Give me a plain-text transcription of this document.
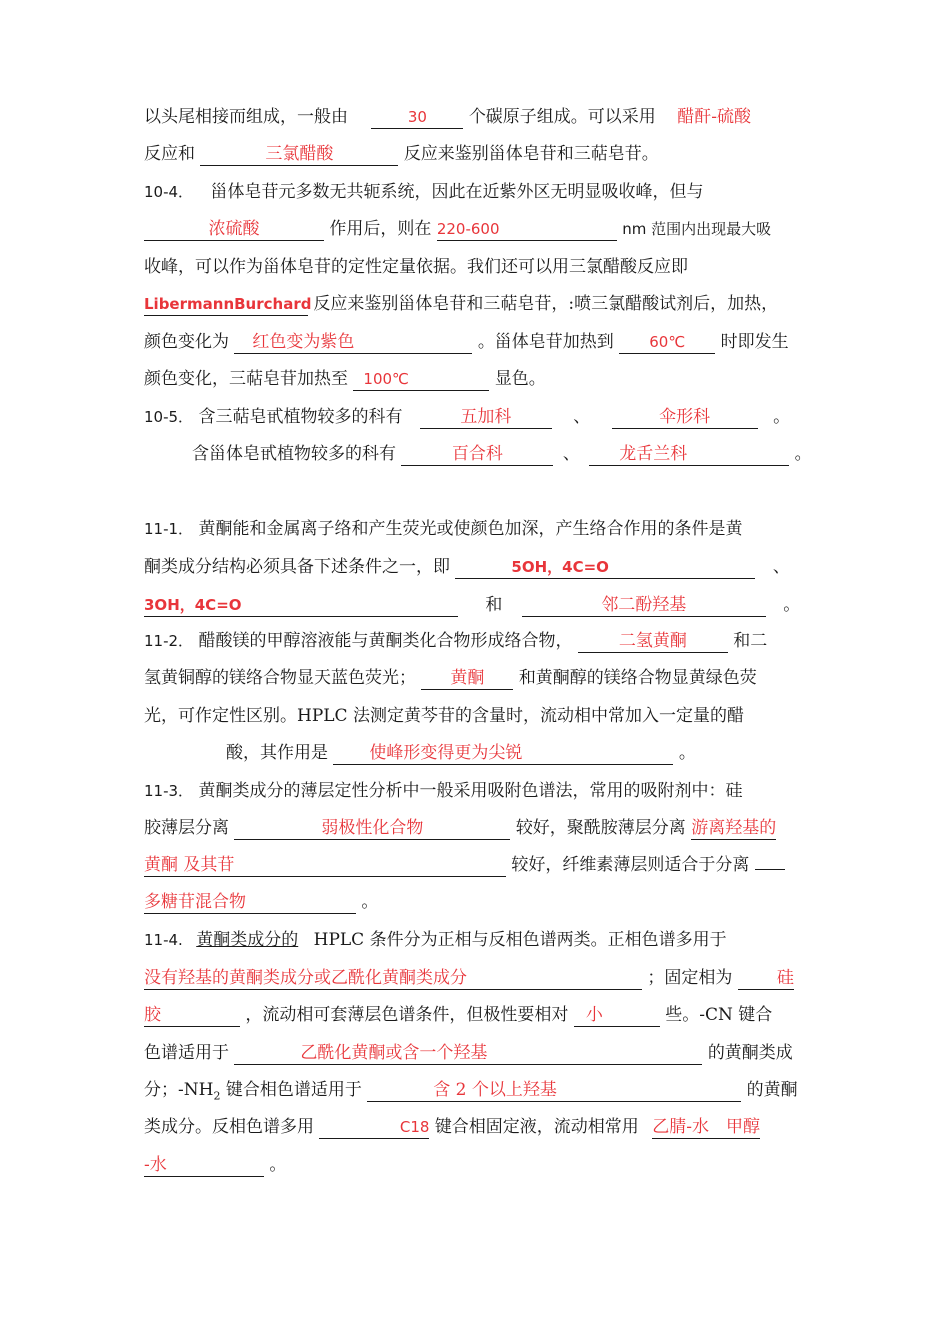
以头尾相接而组成，一般由	30 个碳原子组成。可以采用 醋酐-硫酸
反应和	三氯醋酸	反应来鉴别甾体皂苷和三萜皂苷。
10-4． 甾体皂苷元多数无共轭系统，因此在近紫外区无明显吸收峰，但与
浓硫酸	作用后，则在 220-600	nm 范围内出现最大吸
收峰，可以作为甾体皂苷的定性定量依据。我们还可以用三氯醋酸反应即
LibermannBurchard 反应来鉴别甾体皂苷和三萜皂苷，:喷三氯醋酸试剂后，加热，
颜色变化为 红色变为紫色	。甾体皂苷加热到 60℃ 时即发生
颜色变化，三萜皂苷加热至 100℃	显色。
10-5． 含三萜皂甙植物较多的科有	五加科	、	伞形科	。
含甾体皂甙植物较多的科有	百合科	、 龙舌兰科	。
11-1． 黄酮能和金属离子络和产生荧光或使颜色加深，产生络合作用的条件是黄
酮类成分结构必须具备下述条件之一，即	5OH，4C=O	、
3OH，4C=O	和	邻二酚羟基	。
11-2． 醋酸镁的甲醇溶液能与黄酮类化合物形成络合物，	二氢黄酮	和二
氢黄铜醇的镁络合物显天蓝色荧光； 黄酮 和黄酮醇的镁络合物显黄绿色荧
光，可作定性区别。HPLC 法测定黄芩苷的含量时，流动相中常加入一定量的醋
酸，其作用是 使峰形变得更为尖锐	。
11-3． 黄酮类成分的薄层定性分析中一般采用吸附色谱法，常用的吸附剂中：硅
胶薄层分离	弱极性化合物	较好，聚酰胺薄层分离 游离羟基的
黄酮 及其苷	较好，纤维素薄层则适合于分离
多糖苷混合物	。
11-4. 黄酮类成分的 HPLC 条件分为正相与反相色谱两类。正相色谱多用于
没有羟基的黄酮类成分或乙酰化黄酮类成分	；固定相为	硅
胶	，流动相可套薄层色谱条件，但极性要相对 小	些。-CN 键合
色谱适用于	乙酰化黄酮或含一个羟基	的黄酮类成
分；$-NH_2$ 键合相色谱适用于	含 2 个以上羟基	的黄酮
类成分。反相色谱多用	C18 键合相固定液，流动相常用 乙腈-水　甲醇
-水	。
